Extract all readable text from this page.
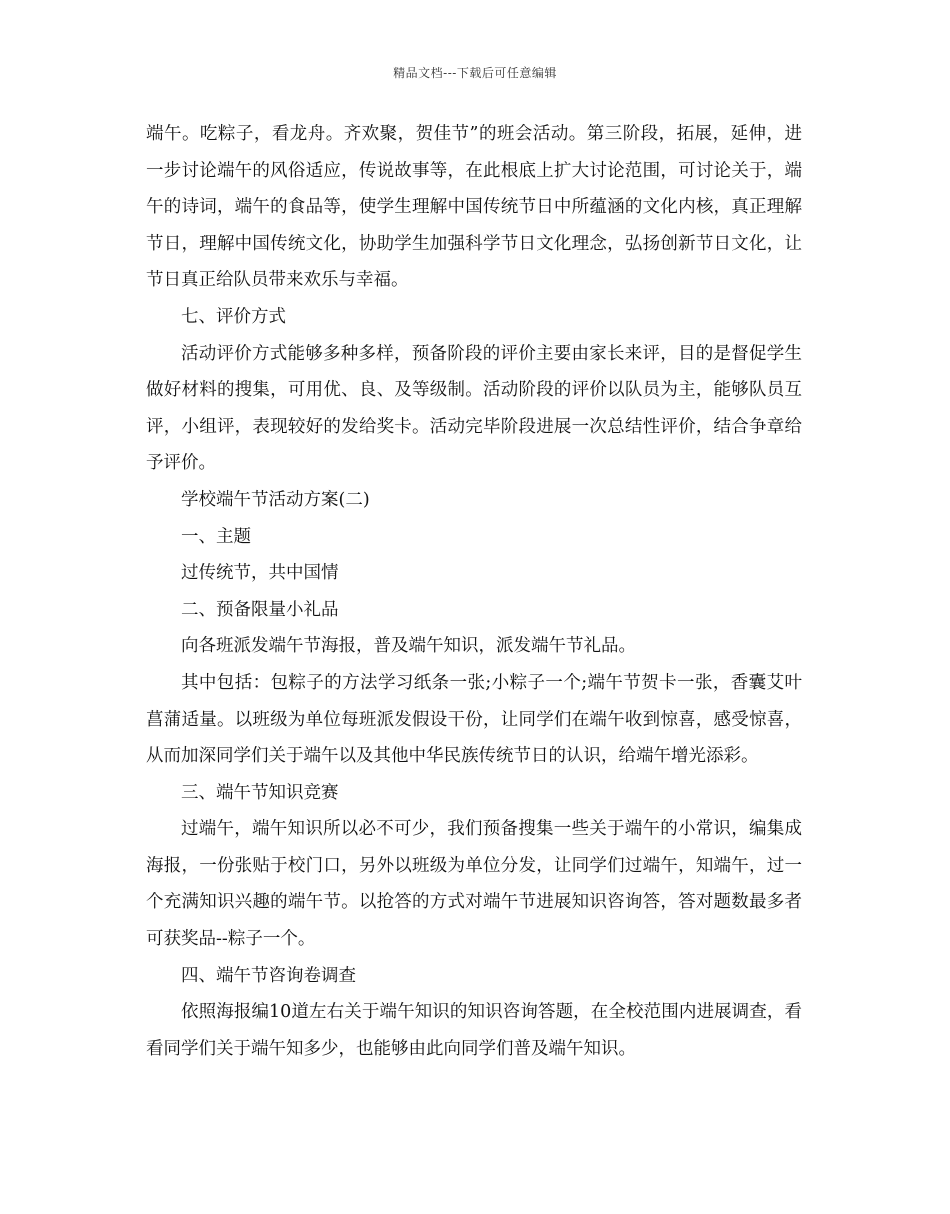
精品文档---下载后可任意编辑

端午。吃粽子，看龙舟。齐欢聚，贺佳节”的班会活动。第三阶段，拓展，延伸，进一步讨论端午的风俗适应，传说故事等，在此根底上扩大讨论范围，可讨论关于，端午的诗词，端午的食品等，使学生理解中国传统节日中所蕴涵的文化内核，真正理解节日，理解中国传统文化，协助学生加强科学节日文化理念，弘扬创新节日文化，让节日真正给队员带来欢乐与幸福。

七、评价方式

活动评价方式能够多种多样，预备阶段的评价主要由家长来评，目的是督促学生做好材料的搜集，可用优、良、及等级制。活动阶段的评价以队员为主，能够队员互评，小组评，表现较好的发给奖卡。活动完毕阶段进展一次总结性评价，结合争章给予评价。

学校端午节活动方案(二)

一、主题

过传统节，共中国情

二、预备限量小礼品

向各班派发端午节海报，普及端午知识，派发端午节礼品。

其中包括：包粽子的方法学习纸条一张;小粽子一个;端午节贺卡一张，香囊艾叶菖蒲适量。以班级为单位每班派发假设干份，让同学们在端午收到惊喜，感受惊喜，从而加深同学们关于端午以及其他中华民族传统节日的认识，给端午增光添彩。

三、端午节知识竞赛

过端午，端午知识所以必不可少，我们预备搜集一些关于端午的小常识，编集成海报，一份张贴于校门口，另外以班级为单位分发，让同学们过端午，知端午，过一个充满知识兴趣的端午节。以抢答的方式对端午节进展知识咨询答，答对题数最多者可获奖品--粽子一个。

四、端午节咨询卷调查

依照海报编10道左右关于端午知识的知识咨询答题，在全校范围内进展调查，看看同学们关于端午知多少，也能够由此向同学们普及端午知识。
